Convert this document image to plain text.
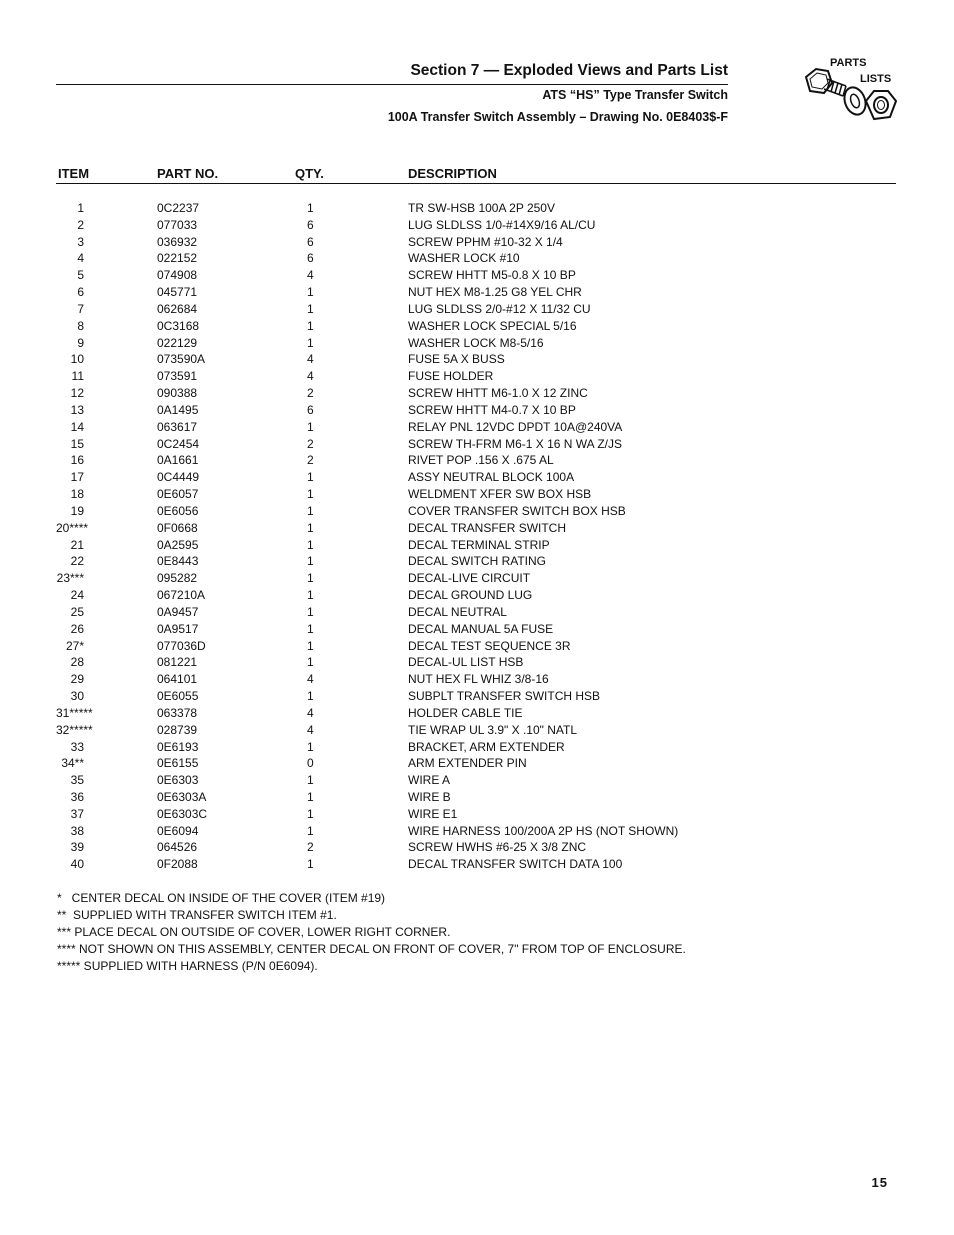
Section 7 — Exploded Views and Parts List
ATS “HS” Type Transfer Switch
100A Transfer Switch Assembly – Drawing No. 0E8403$-F
PARTS
LISTS
ITEM	PART NO.	QTY.	DESCRIPTION
1	0C2237	1	TR SW-HSB 100A 2P 250V
2	077033	6	LUG SLDLSS 1/0-#14X9/16 AL/CU
3	036932	6	SCREW PPHM #10-32 X 1/4
4	022152	6	WASHER LOCK #10
5	074908	4	SCREW HHTT M5-0.8 X 10 BP
6	045771	1	NUT HEX M8-1.25 G8 YEL CHR
7	062684	1	LUG SLDLSS 2/0-#12 X 11/32 CU
8	0C3168	1	WASHER LOCK SPECIAL 5/16
9	022129	1	WASHER LOCK M8-5/16
10	073590A	4	FUSE 5A X BUSS
11	073591	4	FUSE HOLDER
12	090388	2	SCREW HHTT M6-1.0 X 12 ZINC
13	0A1495	6	SCREW HHTT M4-0.7 X 10 BP
14	063617	1	RELAY PNL 12VDC DPDT 10A@240VA
15	0C2454	2	SCREW TH-FRM M6-1 X 16 N WA Z/JS
16	0A1661	2	RIVET POP .156 X .675 AL
17	0C4449	1	ASSY NEUTRAL BLOCK 100A
18	0E6057	1	WELDMENT XFER SW BOX HSB
19	0E6056	1	COVER TRANSFER SWITCH BOX HSB
20****	0F0668	1	DECAL TRANSFER SWITCH
21	0A2595	1	DECAL TERMINAL STRIP
22	0E8443	1	DECAL SWITCH RATING
23***	095282	1	DECAL-LIVE CIRCUIT
24	067210A	1	DECAL GROUND LUG
25	0A9457	1	DECAL NEUTRAL
26	0A9517	1	DECAL MANUAL 5A FUSE
27*	077036D	1	DECAL TEST SEQUENCE 3R
28	081221	1	DECAL-UL LIST HSB
29	064101	4	NUT HEX FL WHIZ 3/8-16
30	0E6055	1	SUBPLT TRANSFER SWITCH HSB
31*****	063378	4	HOLDER CABLE TIE
32*****	028739	4	TIE WRAP UL 3.9" X .10" NATL
33	0E6193	1	BRACKET, ARM EXTENDER
34**	0E6155	0	ARM EXTENDER PIN
35	0E6303	1	WIRE A
36	0E6303A	1	WIRE B
37	0E6303C	1	WIRE E1
38	0E6094	1	WIRE HARNESS 100/200A 2P HS (NOT SHOWN)
39	064526	2	SCREW HWHS #6-25 X 3/8 ZNC
40	0F2088	1	DECAL TRANSFER SWITCH DATA 100
*   CENTER DECAL ON INSIDE OF THE COVER (ITEM #19)
**  SUPPLIED WITH TRANSFER SWITCH ITEM #1.
*** PLACE DECAL ON OUTSIDE OF COVER, LOWER RIGHT CORNER.
**** NOT SHOWN ON THIS ASSEMBLY, CENTER DECAL ON FRONT OF COVER, 7" FROM TOP OF ENCLOSURE.
***** SUPPLIED WITH HARNESS (P/N 0E6094).
15
